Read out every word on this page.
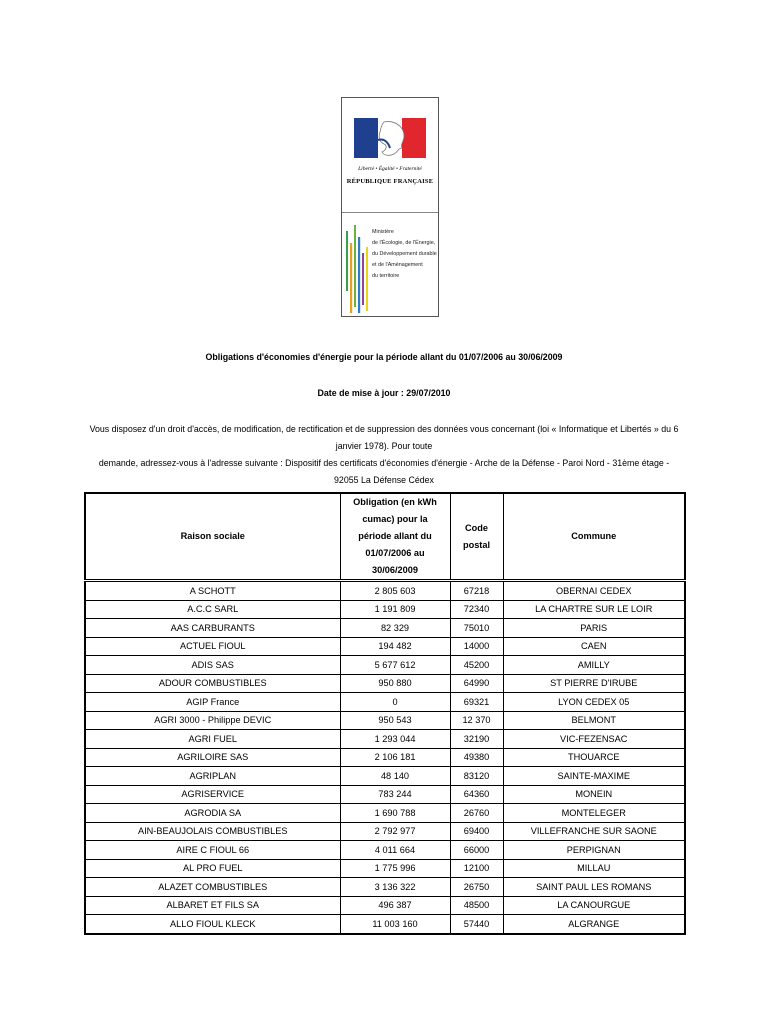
Liberté • Égalité • Fraternité
RÉPUBLIQUE FRANÇAISE
Ministère
de l'Écologie, de l'Énergie,
du Développement durable
et de l'Aménagement
du territoire
Obligations d'économies d'énergie pour la période allant du 01/07/2006 au 30/06/2009
Date de mise à jour : 29/07/2010
Vous disposez d'un droit d'accès, de modification, de rectification et de suppression des données vous concernant (loi « Informatique et Libertés » du 6 janvier 1978). Pour toute
demande, adressez-vous à l'adresse suivante : Dispositif des certificats d'économies d'énergie - Arche de la Défense - Paroi Nord - 31ème étage - 92055 La Défense Cédex
Raison sociale	Obligation (en kWh cumac) pour la période allant du 01/07/2006 au 30/06/2009	Code postal	Commune
A SCHOTT	2 805 603	67218	OBERNAI CEDEX
A.C.C SARL	1 191 809	72340	LA CHARTRE SUR LE LOIR
AAS CARBURANTS	82 329	75010	PARIS
ACTUEL FIOUL	194 482	14000	CAEN
ADIS SAS	5 677 612	45200	AMILLY
ADOUR COMBUSTIBLES	950 880	64990	ST PIERRE D'IRUBE
AGIP France	0	69321	LYON CEDEX 05
AGRI 3000 - Philippe DEVIC	950 543	12 370	BELMONT
AGRI FUEL	1 293 044	32190	VIC-FEZENSAC
AGRILOIRE SAS	2 106 181	49380	THOUARCE
AGRIPLAN	48 140	83120	SAINTE-MAXIME
AGRISERVICE	783 244	64360	MONEIN
AGRODIA SA	1 690 788	26760	MONTELEGER
AIN-BEAUJOLAIS COMBUSTIBLES	2 792 977	69400	VILLEFRANCHE SUR SAONE
AIRE C FIOUL 66	4 011 664	66000	PERPIGNAN
AL PRO FUEL	1 775 996	12100	MILLAU
ALAZET COMBUSTIBLES	3 136 322	26750	SAINT PAUL LES ROMANS
ALBARET ET FILS SA	496 387	48500	LA CANOURGUE
ALLO FIOUL KLECK	11 003 160	57440	ALGRANGE
